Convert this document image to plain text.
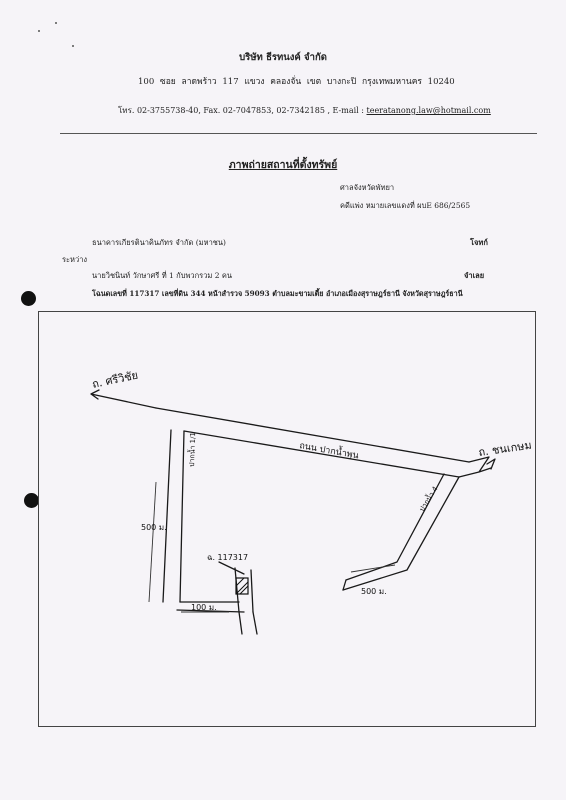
บริษัท ธีรทนงค์ จำกัด
100 ซอย ลาดพร้าว 117 แขวง คลองจั่น เขต บางกะปิ กรุงเทพมหานคร 10240
โทร. 02-3755738-40, Fax. 02-7047853, 02-7342185 , E-mail : teeratanong.law@hotmail.com
ภาพถ่ายสถานที่ตั้งทรัพย์
ศาลจังหวัดพัทยา
คดีแพ่ง หมายเลขแดงที่ ผบE 686/2565
ธนาคารเกียรตินาคินภัทร จำกัด (มหาชน)	โจทก์
ระหว่าง
นายวิชนินท์ วักษาศรี ที่ 1 กับพวกรวม 2 คน	จำเลย
โฉนดเลขที่ 117317 เลขที่ดิน 344 หน้าสำรวจ 59093 ตำบลมะขามเตี้ย อำเภอเมืองสุราษฎร์ธานี จังหวัดสุราษฎร์ธานี
ถ. ศรีวิชัย
ถ. ชนเกษม
ถนน ปากน้ำพุน
ปากน้ำ 1/1
ปากน้ำ 4
500 ม.
500 ม.
100 ม.
ฉ. 117317
